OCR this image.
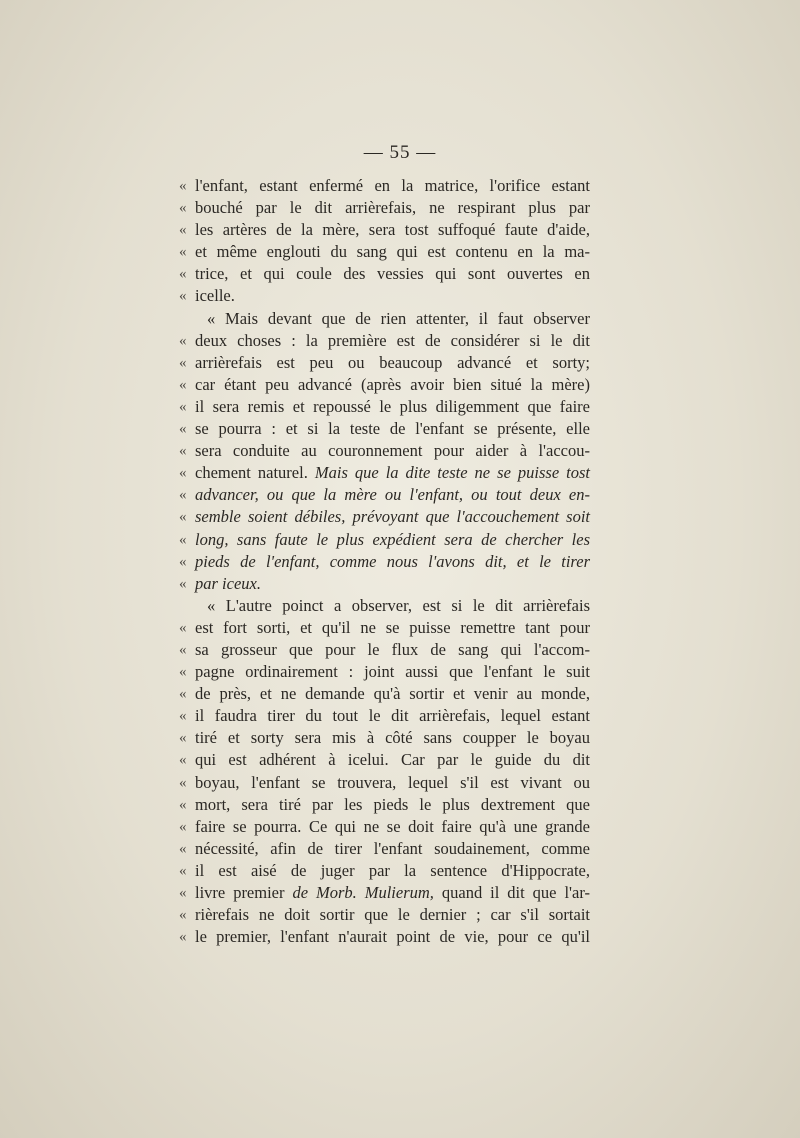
— 55 —
« l'enfant, estant enfermé en la matrice, l'orifice estant
« bouché par le dit arrièrefais, ne respirant plus par
« les artères de la mère, sera tost suffoqué faute d'aide,
« et même englouti du sang qui est contenu en la ma-
« trice, et qui coule des vessies qui sont ouvertes en
« icelle.
« Mais devant que de rien attenter, il faut observer
« deux choses : la première est de considérer si le dit
« arrièrefais est peu ou beaucoup advancé et sorty;
« car étant peu advancé (après avoir bien situé la mère)
« il sera remis et repoussé le plus diligemment que faire
« se pourra : et si la teste de l'enfant se présente, elle
« sera conduite au couronnement pour aider à l'accou-
« chement naturel. Mais que la dite teste ne se puisse tost
« advancer, ou que la mère ou l'enfant, ou tout deux en-
« semble soient débiles, prévoyant que l'accouchement soit
« long, sans faute le plus expédient sera de chercher les
« pieds de l'enfant, comme nous l'avons dit, et le tirer
« par iceux.
« L'autre poinct a observer, est si le dit arrièrefais
« est fort sorti, et qu'il ne se puisse remettre tant pour
« sa grosseur que pour le flux de sang qui l'accom-
« pagne ordinairement : joint aussi que l'enfant le suit
« de près, et ne demande qu'à sortir et venir au monde,
« il faudra tirer du tout le dit arrièrefais, lequel estant
« tiré et sorty sera mis à côté sans coupper le boyau
« qui est adhérent à icelui. Car par le guide du dit
« boyau, l'enfant se trouvera, lequel s'il est vivant ou
« mort, sera tiré par les pieds le plus dextrement que
« faire se pourra. Ce qui ne se doit faire qu'à une grande
« nécessité, afin de tirer l'enfant soudainement, comme
« il est aisé de juger par la sentence d'Hippocrate,
« livre premier de Morb. Mulierum, quand il dit que l'ar-
« rièrefais ne doit sortir que le dernier ; car s'il sortait
« le premier, l'enfant n'aurait point de vie, pour ce qu'il
